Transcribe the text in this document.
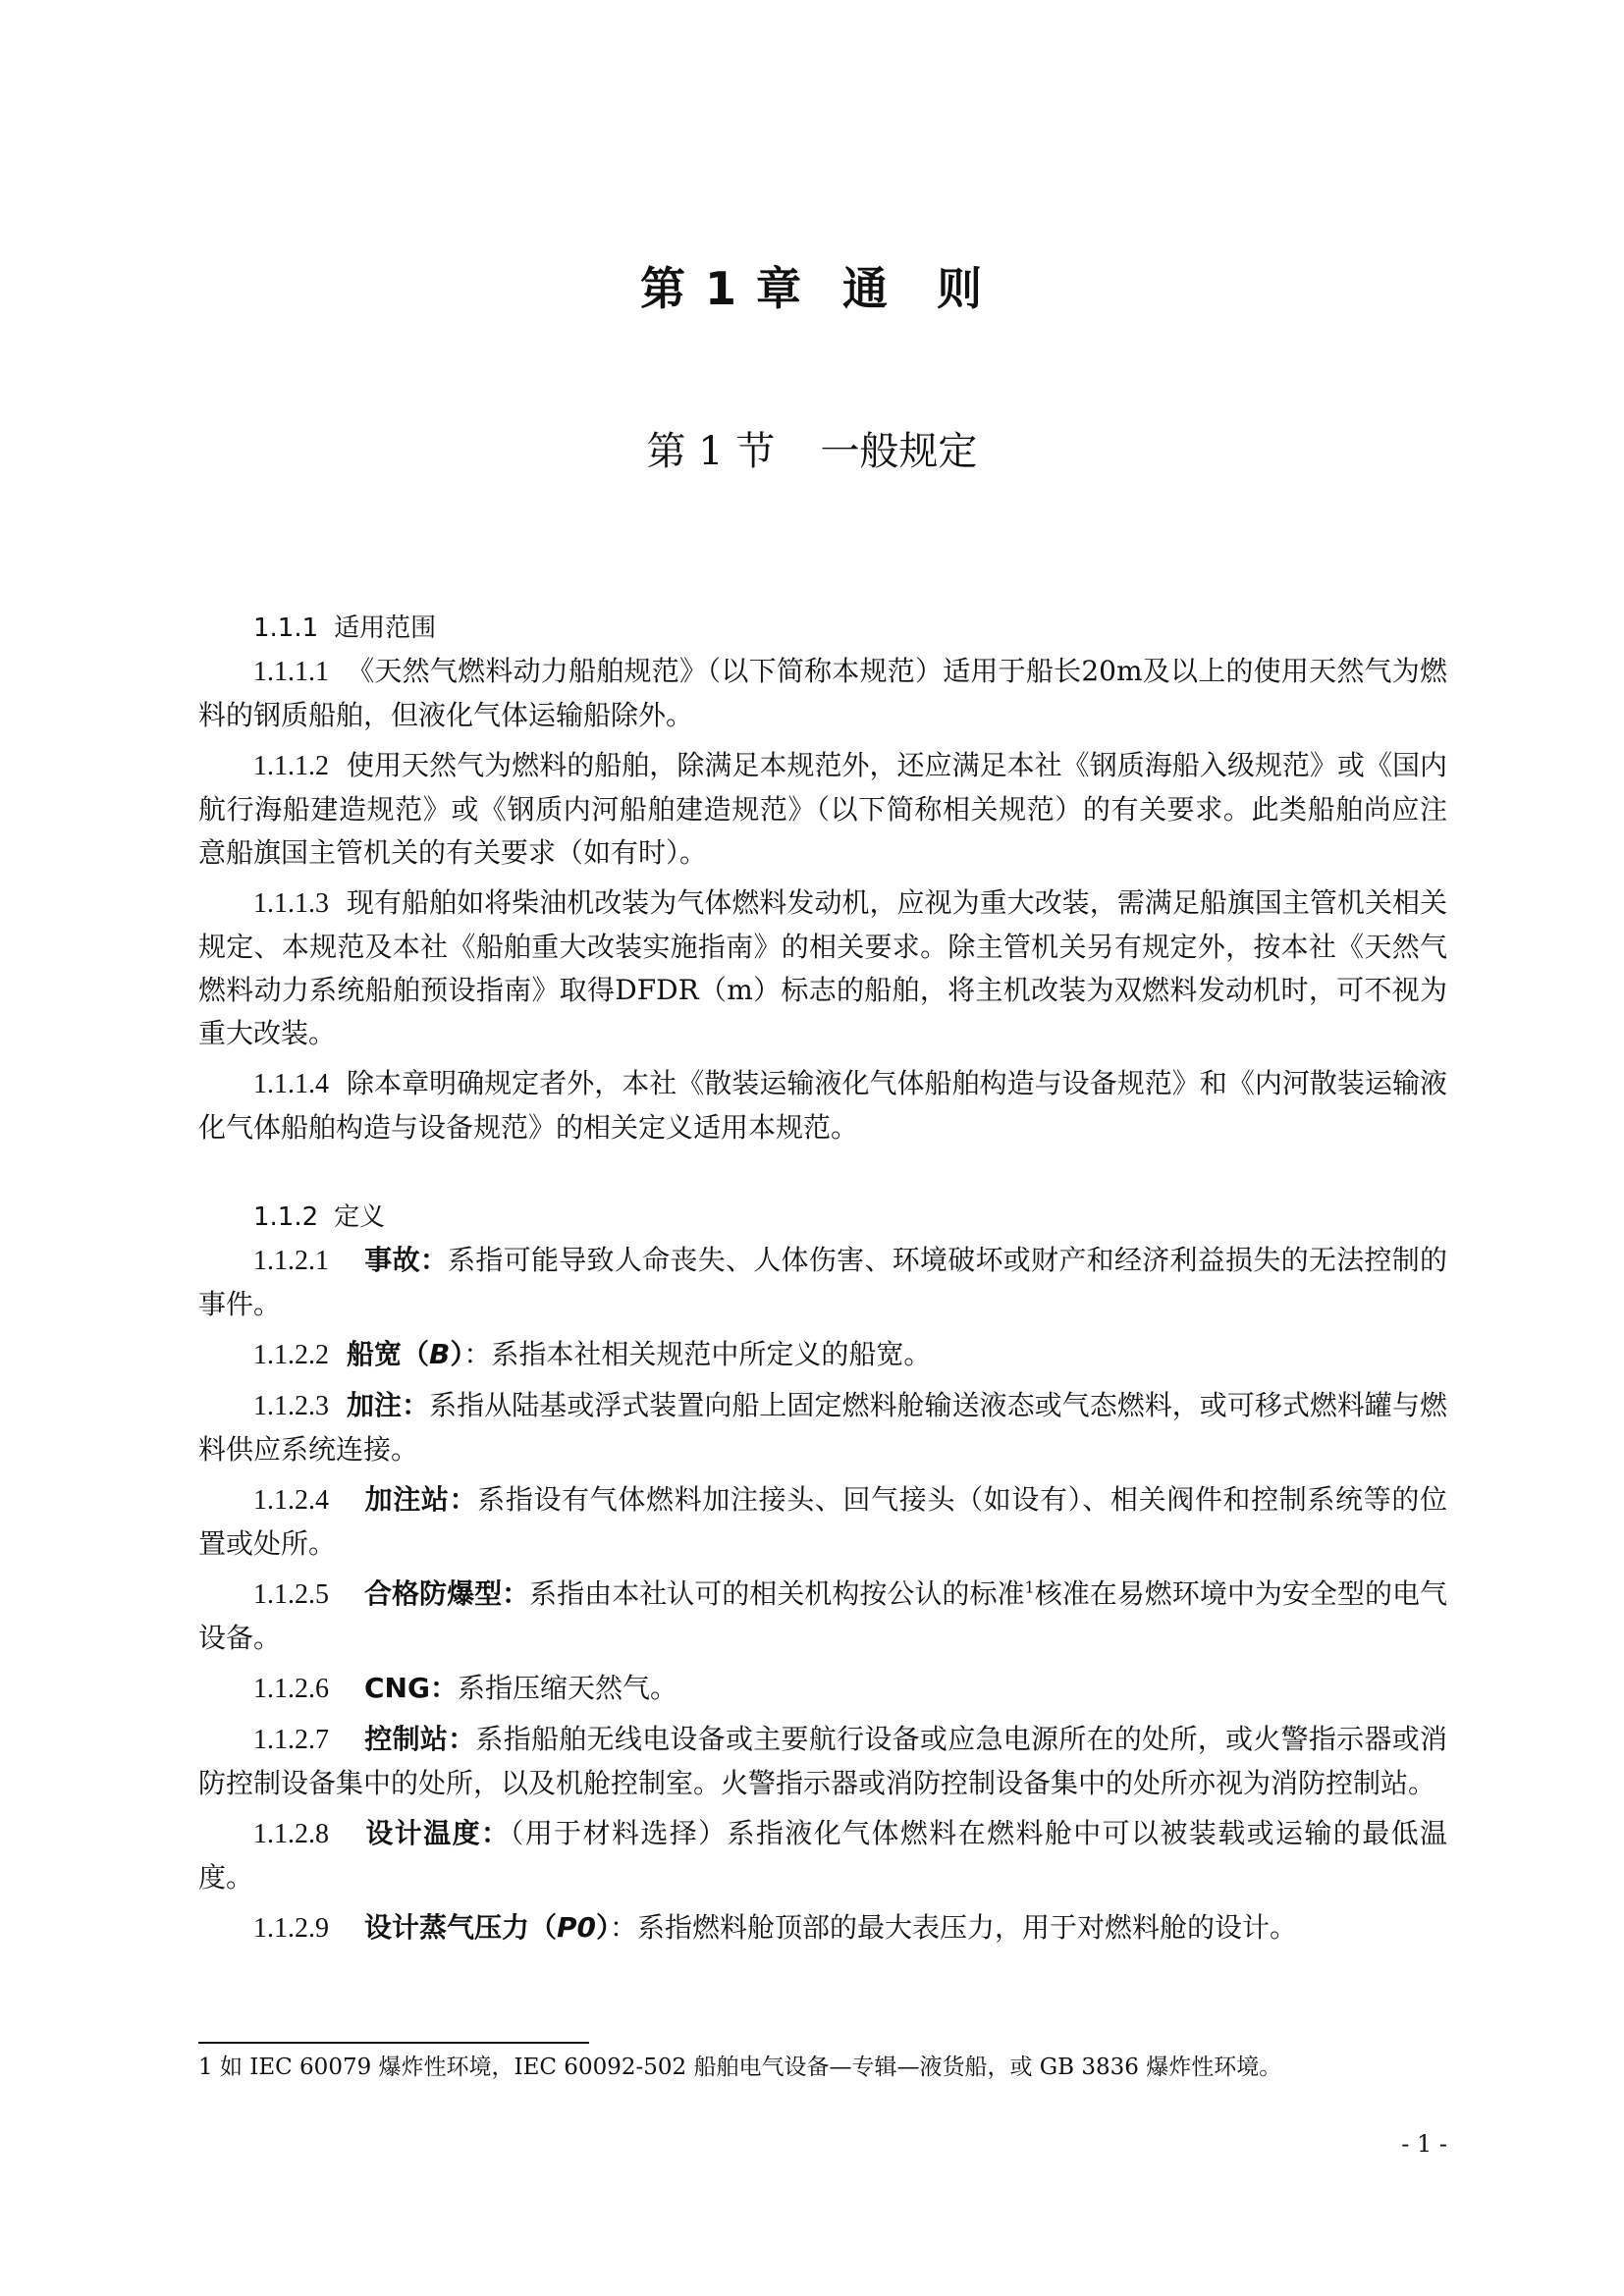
第 1 章 通　则
第 1 节 一般规定
1.1.1 适用范围

1.1.1.1 《天然气燃料动力船舶规范》（以下简称本规范）适用于船长20m及以上的使用天然气为燃料的钢质船舶，但液化气体运输船除外。

1.1.1.2 使用天然气为燃料的船舶，除满足本规范外，还应满足本社《钢质海船入级规范》或《国内航行海船建造规范》或《钢质内河船舶建造规范》（以下简称相关规范）的有关要求。此类船舶尚应注意船旗国主管机关的有关要求（如有时）。

1.1.1.3 现有船舶如将柴油机改装为气体燃料发动机，应视为重大改装，需满足船旗国主管机关相关规定、本规范及本社《船舶重大改装实施指南》的相关要求。除主管机关另有规定外，按本社《天然气燃料动力系统船舶预设指南》取得DFDR（m）标志的船舶，将主机改装为双燃料发动机时，可不视为重大改装。

1.1.1.4 除本章明确规定者外，本社《散装运输液化气体船舶构造与设备规范》和《内河散装运输液化气体船舶构造与设备规范》的相关定义适用本规范。

1.1.2 定义

1.1.2.1 事故：系指可能导致人命丧失、人体伤害、环境破坏或财产和经济利益损失的无法控制的事件。

1.1.2.2 船宽（B）：系指本社相关规范中所定义的船宽。

1.1.2.3 加注：系指从陆基或浮式装置向船上固定燃料舱输送液态或气态燃料，或可移式燃料罐与燃料供应系统连接。

1.1.2.4 加注站：系指设有气体燃料加注接头、回气接头（如设有）、相关阀件和控制系统等的位置或处所。

1.1.2.5 合格防爆型：系指由本社认可的相关机构按公认的标准$^1$核准在易燃环境中为安全型的电气设备。

1.1.2.6 CNG：系指压缩天然气。

1.1.2.7 控制站：系指船舶无线电设备或主要航行设备或应急电源所在的处所，或火警指示器或消防控制设备集中的处所，以及机舱控制室。火警指示器或消防控制设备集中的处所亦视为消防控制站。

1.1.2.8 设计温度：（用于材料选择）系指液化气体燃料在燃料舱中可以被装载或运输的最低温度。

1.1.2.9 设计蒸气压力（P0）：系指燃料舱顶部的最大表压力，用于对燃料舱的设计。

1 如 IEC 60079 爆炸性环境，IEC 60092-502 船舶电气设备—专辑—液货船，或 GB 3836 爆炸性环境。
- 1 -
